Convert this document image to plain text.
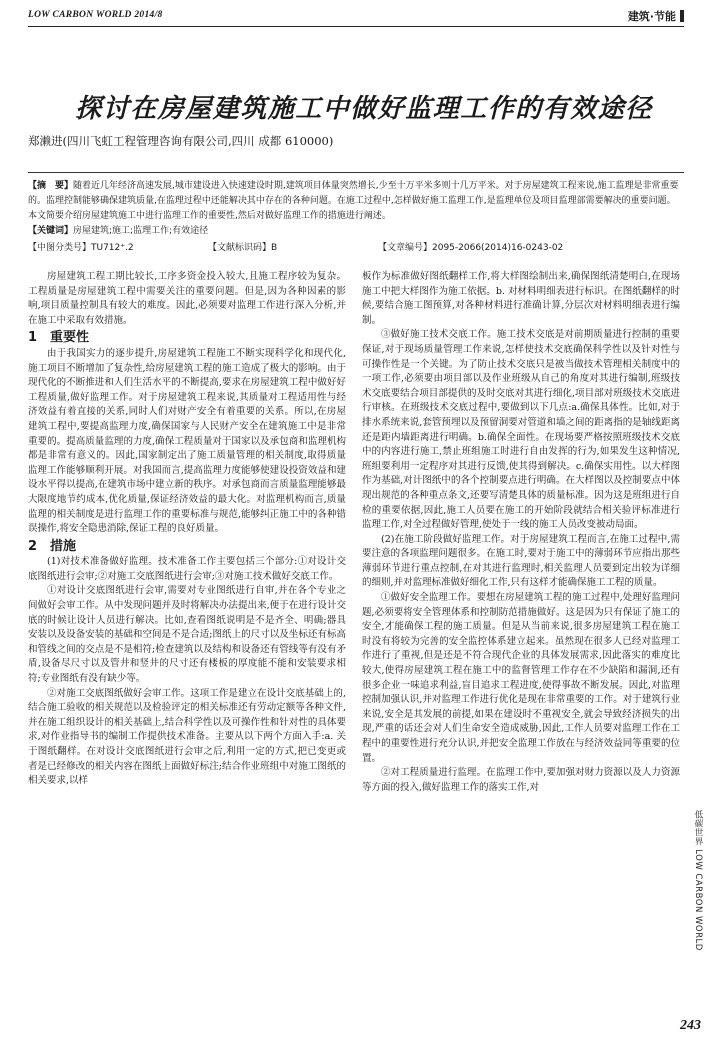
LOW CARBON WORLD 2014/8	建筑·节能
探讨在房屋建筑施工中做好监理工作的有效途径
郑濑进(四川飞虹工程管理咨询有限公司,四川 成都 610000)
【摘　要】随着近几年经济高速发展,城市建设进入快速建设时期,建筑项目体量突然增长,少至十万平米多则十几万平米。对于房屋建筑工程来说,施工监理是非常重要的。监理控制能够确保建筑质量,在监理过程中还能解决其中存在的各种问题。在施工过程中,怎样做好施工监理工作,是监理单位及项目监理部需要解决的重要问题。本文简要介绍房屋建筑施工中进行监理工作的重要性,然后对做好监理工作的措施进行阐述。
【关键词】房屋建筑;施工;监理工作;有效途径
【中图分类号】TU712⁺.2	【文献标识码】B	【文章编号】2095-2066(2014)16-0243-02

房屋建筑工程工期比较长,工序多资金投入较大,且施工程序较为复杂。工程质量是房屋建筑工程中需要关注的重要问题。但是,因为各种因素的影响,项目质量控制具有较大的难度。因此,必须要对监理工作进行深入分析,并在施工中采取有效措施。

1　重要性

由于我国实力的逐步提升,房屋建筑工程施工不断实现科学化和现代化,施工项目不断增加了复杂性,给房屋建筑工程的施工造成了极大的影响。由于现代化的不断推进和人们生活水平的不断提高,要求在房屋建筑工程中做好好工程质量,做好监理工作。对于房屋建筑工程来说,其质量对工程适用性与经济效益有着直接的关系,同时人们对财产安全有着重要的关系。所以,在房屋建筑工程中,要提高监理力度,确保国家与人民财产安全在建筑施工中是非常重要的。提高质量监理的力度,确保工程质量对于国家以及承包商和监理机构都是非常有意义的。因此,国家制定出了施工质量管理的相关制度,取得质量监理工作能够顺利开展。对我国而言,提高监理力度能够使建设投资效益和建设水平得以提高,在建筑市场中建立新的秩序。对承包商而言质量监理能够最大限度地节约成本,优化质量,保证经济效益的最大化。对监理机构而言,质量监理的相关制度是进行监理工作的重要标准与规范,能够纠正施工中的各种错误操作,将安全隐患消除,保证工程的良好质量。

2　措施

(1)对技术准备做好监理。技术准备工作主要包括三个部分:①对设计交底图纸进行会审;②对施工交底图纸进行会审;③对施工技术做好交底工作。

①对设计交底图纸进行会审,需要对专业图纸进行自审,并在各个专业之间做好会审工作。从中发现问题并及时将解决办法提出来,便于在进行设计交底的时候让设计人员进行解决。比如,查看图纸说明是不是齐全、明确;器具安装以及设备安装的基础和空间是不是合适;图纸上的尺寸以及坐标还有标高和管线之间的交点是不是相符;检查建筑以及结构和设备还有管线等有没有矛盾,设备尽尺寸以及管井和竖井的尺寸还有楼板的厚度能不能和安装要求相符;专业图纸有没有缺少等。

②对施工交底图纸做好会审工作。这项工作是建立在设计交底基础上的,结合施工验收的相关规范以及检验评定的相关标准还有劳动定额等各种文件,并在施工组织设计的相关基础上,结合科学性以及可操作性和针对性的具体要求,对作业指导书的编制工作提供技术准备。主要从以下两个方面入手:a. 关于图纸翻样。在对设计交底图纸进行会审之后,利用一定的方式,把已变更或者是已经修改的相关内容在图纸上面做好标注;结合作业班组中对施工图纸的相关要求,以样

板作为标准做好图纸翻样工作,将大样图绘制出来,确保图纸清楚明白,在现场施工中把大样图作为施工依据。b. 对材料明细表进行标识。在图纸翻样的时候,要结合施工图预算,对各种材料进行准确计算,分层次对材料明细表进行编制。

③做好施工技术交底工作。施工技术交底是对前期质量进行控制的重要保证,对于现场质量管理工作来说,怎样使技术交底确保科学性以及针对性与可操作性是一个关键。为了防止技术交底只是被当做技术管理相关制度中的一项工作,必须要由项目部以及作业班级从自己的角度对其进行编制,班级技术交底要结合项目部提供的及时交底对其进行细化,项目部对班级技术交底进行审核。在班级技术交底过程中,要做到以下几点:a.确保具体性。比如,对于排水系统来说,套管预埋以及预留洞要对管道和墙之间的距离指的是轴线距离还是距内墙距离进行明确。b.确保全面性。在现场要严格按照班级技术交底中的内容进行施工,禁止班组施工时进行自由发挥的行为,如果发生这种情况,班组要利用一定程序对其进行反馈,使其得到解决。c.确保实用性。以大样图作为基础,对计图纸中的各个控制要点进行明确。在大样图以及控制要点中体现出规范的各种重点条文,还要写清楚具体的质量标准。因为这是班组进行自检的重要依据,因此,施工人员要在施工的开始阶段就结合相关验评标准进行监理工作,对全过程做好管理,使处于一线的施工人员改变被动局面。

(2)在施工阶段做好监理工作。对于房屋建筑工程而言,在施工过程中,需要注意的各项监理问题很多。在施工时,要对于施工中的薄弱环节应指出那些薄弱环节进行重点控制,在对其进行监理时,相关监理人员要到定出较为详细的细则,并对监理标准做好细化工作,只有这样才能确保施工工程的质量。

①做好安全监理工作。要想在房屋建筑工程的施工过程中,处理好监理问题,必须要将安全管理体系和控制防范措施做好。这是因为只有保证了施工的安全,才能确保工程的施工质量。但是从当前来说,很多房屋建筑工程在施工时没有将较为完善的安全监控体系建立起来。虽然现在很多人已经对监理工作进行了重视,但是还是不符合现代企业的具体发展需求,因此落实的难度比较大,使得房屋建筑工程在施工中的监督管理工作存在不少缺陷和漏洞,还有很多企业一味追求利益,盲目追求工程进度,使得事故不断发展。因此,对监理控制加强认识,并对监理工作进行优化是现在非常重要的工作。对于建筑行业来说,安全是其发展的前提,如果在建设时不重视安全,就会导致经济损失的出现,严重的话还会对人们生命安全造成威胁,因此,工作人员要对监理工作在工程中的重要性进行充分认识,并把安全监理工作放在与经济效益同等重要的位置。

②对工程质量进行监理。在监理工作中,要加强对财力资源以及人力资源等方面的投入,做好监理工作的落实工作,对

低碳世界 LOW CARBON WORLD
243
